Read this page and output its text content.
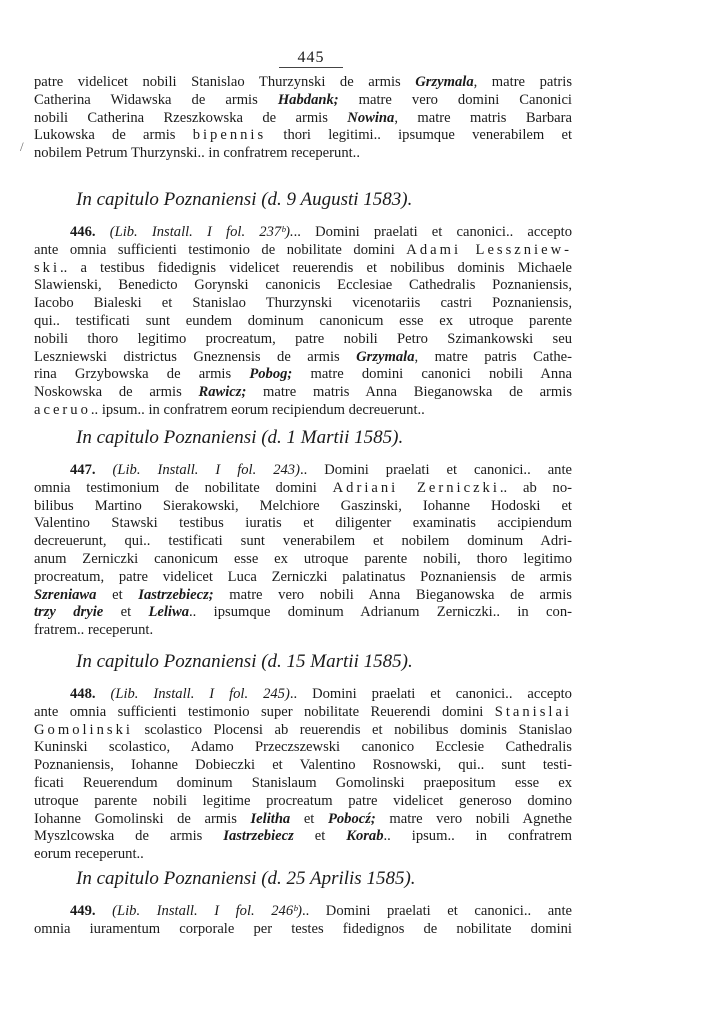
445
/
patre videlicet nobili Stanislao Thurzynski de armis Grzymala, matre patris
Catherina Widawska de armis Habdank; matre vero domini Canonici
nobili Catherina Rzeszkowska de armis Nowina, matre matris Barbara
Lukowska de armis bipennis thori legitimi.. ipsumque venerabilem et
nobilem Petrum Thurzynski.. in confratrem receperunt..
In capitulo Poznaniensi (d. 9 Augusti 1583).
446. (Lib. Install. I fol. 237ᵇ)... Domini praelati et canonici.. accepto
ante omnia sufficienti testimonio de nobilitate domini Adami Lesszniew-
ski.. a testibus fidedignis videlicet reuerendis et nobilibus dominis Michaele
Slawienski, Benedicto Gorynski canonicis Ecclesiae Cathedralis Poznaniensis,
Iacobo Bialeski et Stanislao Thurzynski vicenotariis castri Poznaniensis,
qui.. testificati sunt eundem dominum canonicum esse ex utroque parente
nobili thoro legitimo procreatum, patre nobili Petro Szimankowski seu
Leszniewski districtus Gneznensis de armis Grzymala, matre patris Cathe-
rina Grzybowska de armis Pobog; matre domini canonici nobili Anna
Noskowska de armis Rawicz; matre matris Anna Bieganowska de armis
aceruo.. ipsum.. in confratrem eorum recipiendum decreuerunt..
In capitulo Poznaniensi (d. 1 Martii 1585).
447. (Lib. Install. I fol. 243).. Domini praelati et canonici.. ante
omnia testimonium de nobilitate domini Adriani Zerniczki.. ab no-
bilibus Martino Sierakowski, Melchiore Gaszinski, Iohanne Hodoski et
Valentino Stawski testibus iuratis et diligenter examinatis accipiendum
decreuerunt, qui.. testificati sunt venerabilem et nobilem dominum Adri-
anum Zerniczki canonicum esse ex utroque parente nobili, thoro legitimo
procreatum, patre videlicet Luca Zerniczki palatinatus Poznaniensis de armis
Szreniawa et Iastrzebiecz; matre vero nobili Anna Bieganowska de armis
trzy dryie et Leliwa.. ipsumque dominum Adrianum Zerniczki.. in con-
fratrem.. receperunt.
In capitulo Poznaniensi (d. 15 Martii 1585).
448. (Lib. Install. I fol. 245).. Domini praelati et canonici.. accepto
ante omnia sufficienti testimonio super nobilitate Reuerendi domini Stanislai
Gomolinski scolastico Plocensi ab reuerendis et nobilibus dominis Stanislao
Kuninski scolastico, Adamo Przeczszewski canonico Ecclesie Cathedralis
Poznaniensis, Iohanne Dobieczki et Valentino Rosnowski, qui.. sunt testi-
ficati Reuerendum dominum Stanislaum Gomolinski praepositum esse ex
utroque parente nobili legitime procreatum patre videlicet generoso domino
Iohanne Gomolinski de armis Ielitha et Pobocź; matre vero nobili Agnethe
Myszlcowska de armis Iastrzebiecz et Korab.. ipsum.. in confratrem
eorum receperunt..
In capitulo Poznaniensi (d. 25 Aprilis 1585).
449. (Lib. Install. I fol. 246ᵇ).. Domini praelati et canonici.. ante
omnia iuramentum corporale per testes fidedignos de nobilitate domini
